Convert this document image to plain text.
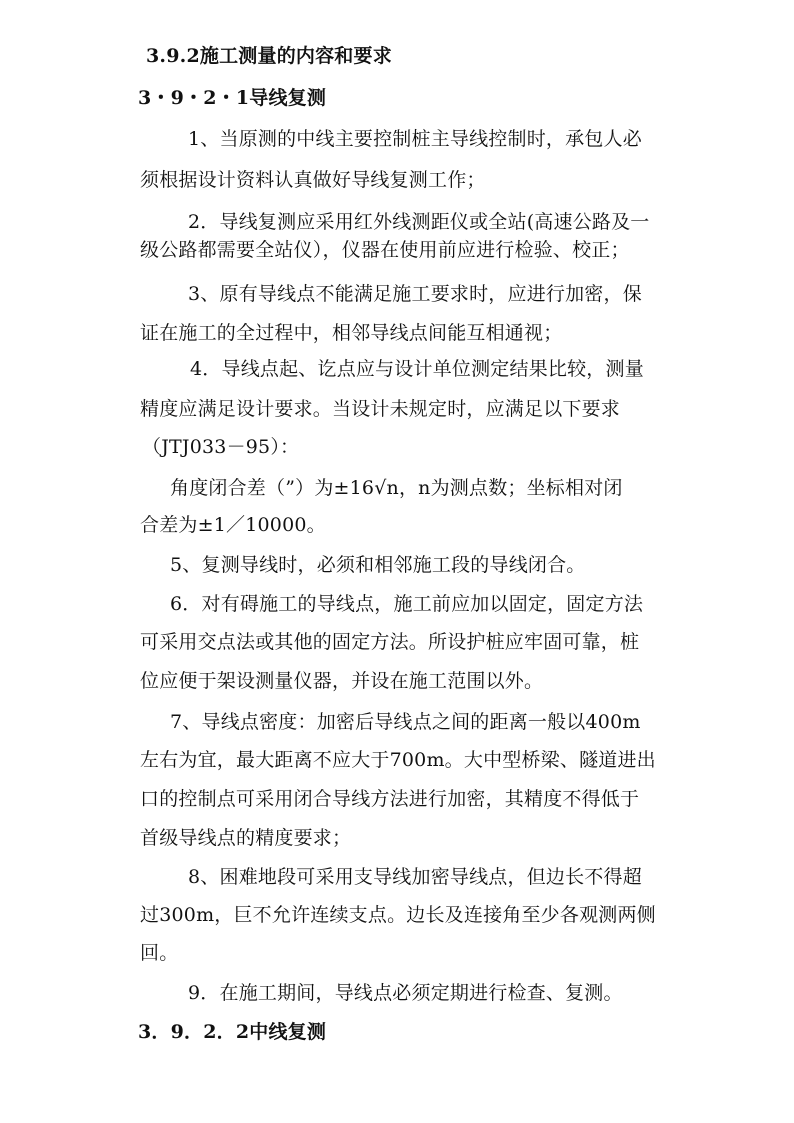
3.9.2施工测量的内容和要求
3・9・2・1导线复测
1、当原测的中线主要控制桩主导线控制时，承包人必
须根据设计资料认真做好导线复测工作；
2．导线复测应采用红外线测距仪或全站(高速公路及一
级公路都需要全站仪），仪器在使用前应进行检验、校正；
3、原有导线点不能满足施工要求时，应进行加密，保
证在施工的全过程中，相邻导线点间能互相通视；
4．导线点起、讫点应与设计单位测定结果比较，测量
精度应满足设计要求。当设计未规定时，应满足以下要求
（JTJ033－95）：
角度闭合差（”）为±16√n，n为测点数；坐标相对闭
合差为±1／10000。
5、复测导线时，必须和相邻施工段的导线闭合。
6．对有碍施工的导线点，施工前应加以固定，固定方法
可采用交点法或其他的固定方法。所设护桩应牢固可靠，桩
位应便于架设测量仪器，并设在施工范围以外。
7、导线点密度：加密后导线点之间的距离一般以400m
左右为宜，最大距离不应大于700m。大中型桥梁、隧道进出
口的控制点可采用闭合导线方法进行加密，其精度不得低于
首级导线点的精度要求；
8、困难地段可采用支导线加密导线点，但边长不得超
过300m，巨不允许连续支点。边长及连接角至少各观测两侧
回。
9．在施工期间，导线点必须定期进行检查、复测。
3．9．2．2中线复测
